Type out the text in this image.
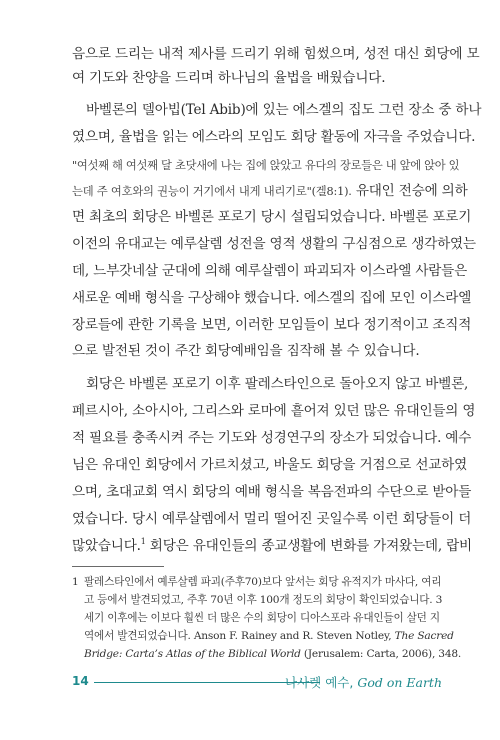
음으로 드리는 내적 제사를 드리기 위해 힘썼으며, 성전 대신 회당에 모
여 기도와 찬양을 드리며 하나님의 율법을 배웠습니다.
바벨론의 델아빕(Tel Abib)에 있는 에스겔의 집도 그런 장소 중 하나
였으며, 율법을 읽는 에스라의 모임도 회당 활동에 자극을 주었습니다.
"여섯째 해 여섯째 달 초닷새에 나는 집에 앉았고 유다의 장로들은 내 앞에 앉아 있
는데 주 여호와의 권능이 거기에서 내게 내리기로"(겔8:1). 유대인 전승에 의하
면 최초의 회당은 바벨론 포로기 당시 설립되었습니다. 바벨론 포로기
이전의 유대교는 예루살렘 성전을 영적 생활의 구심점으로 생각하였는
데, 느부갓네살 군대에 의해 예루살렘이 파괴되자 이스라엘 사람들은
새로운 예배 형식을 구상해야 했습니다. 에스겔의 집에 모인 이스라엘
장로들에 관한 기록을 보면, 이러한 모임들이 보다 정기적이고 조직적
으로 발전된 것이 주간 회당예배임을 짐작해 볼 수 있습니다.
회당은 바벨론 포로기 이후 팔레스타인으로 돌아오지 않고 바벨론,
페르시아, 소아시아, 그리스와 로마에 흩어져 있던 많은 유대인들의 영
적 필요를 충족시켜 주는 기도와 성경연구의 장소가 되었습니다. 예수
님은 유대인 회당에서 가르치셨고, 바울도 회당을 거점으로 선교하였
으며, 초대교회 역시 회당의 예배 형식을 복음전파의 수단으로 받아들
였습니다. 당시 예루살렘에서 멀리 떨어진 곳일수록 이런 회당들이 더
많았습니다.$^1$ 회당은 유대인들의 종교생활에 변화를 가져왔는데, 랍비
1 팔레스타인에서 예루살렘 파괴(주후70)보다 앞서는 회당 유적지가 마사다, 여리
고 등에서 발견되었고, 주후 70년 이후 100개 정도의 회당이 확인되었습니다. 3
세기 이후에는 이보다 훨씬 더 많은 수의 회당이 디아스포라 유대인들이 살던 지
역에서 발견되었습니다. Anson F. Rainey and R. Steven Notley, The Sacred
Bridge: Carta’s Atlas of the Biblical World (Jerusalem: Carta, 2006), 348.
14	나사렛 예수, God on Earth
